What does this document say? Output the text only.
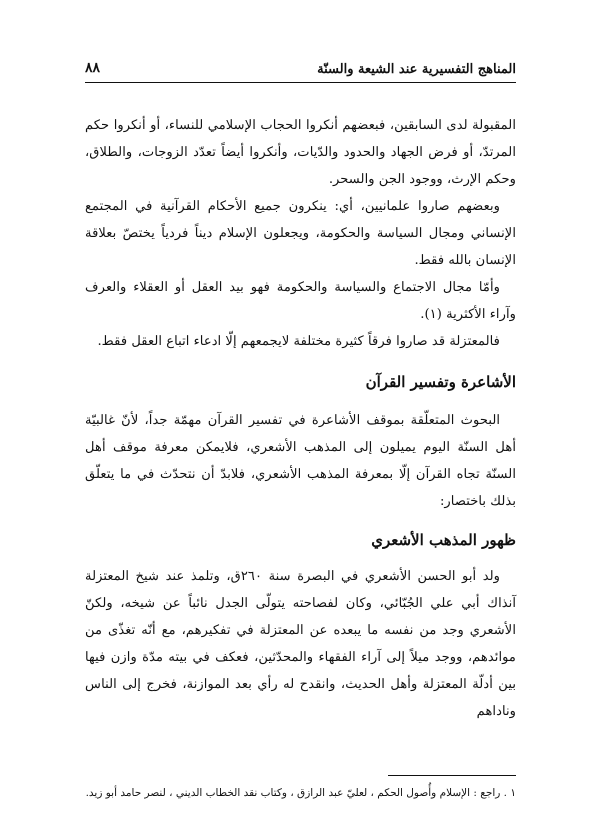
المناهج التفسيرية عند الشيعة والسنّة
٨٨

المقبولة لدى السابقين، فبعضهم أنكروا الحجاب الإسلامي للنساء، أو أنكروا حكم المرتدّ، أو فرض الجهاد والحدود والدّيات، وأنكروا أيضاً تعدّد الزوجات، والطلاق، وحكم الإرث، ووجود الجن والسحر.

وبعضهم صاروا علمانيين، أي: ينكرون جميع الأحكام القرآنية في المجتمع الإنساني ومجال السياسة والحكومة، ويجعلون الإسلام ديناً فردياً يختصّ بعلاقة الإنسان بالله فقط.

وأمّا مجال الاجتماع والسياسة والحكومة فهو بيد العقل أو العقلاء والعرف وآراء الأكثرية (١).

فالمعتزلة قد صاروا فرقاً كثيرة مختلفة لايجمعهم إلّا ادعاء اتباع العقل فقط.

الأشاعرة وتفسير القرآن

البحوث المتعلّقة بموقف الأشاعرة في تفسير القرآن مهمّة جداً، لأنّ غالبيّة أهل السنّة اليوم يميلون إلى المذهب الأشعري، فلايمكن معرفة موقف أهل السنّة تجاه القرآن إلّا بمعرفة المذهب الأشعري، فلابدّ أن نتحدّث في ما يتعلّق بذلك باختصار:

ظهور المذهب الأشعري

ولد أبو الحسن الأشعري في البصرة سنة ٢٦٠ق، وتلمذ عند شيخ المعتزلة آنذاك أبي علي الجُبّائي، وكان لفصاحته يتولّى الجدل نائباً عن شيخه، ولكنّ الأشعري وجد من نفسه ما يبعده عن المعتزلة في تفكيرهم، مع أنّه تغذّى من موائدهم، ووجد ميلاً إلى آراء الفقهاء والمحدّثين، فعكف في بيته مدّة وازن فيها بين أدلّة المعتزلة وأهل الحديث، وانقدح له رأي بعد الموازنة، فخرج إلى الناس وناداهم

١ . راجع : الإسلام وأُصول الحكم ، لعليّ عبد الرازق ، وكتاب نقد الخطاب الديني ، لنصر حامد أبو زيد.
